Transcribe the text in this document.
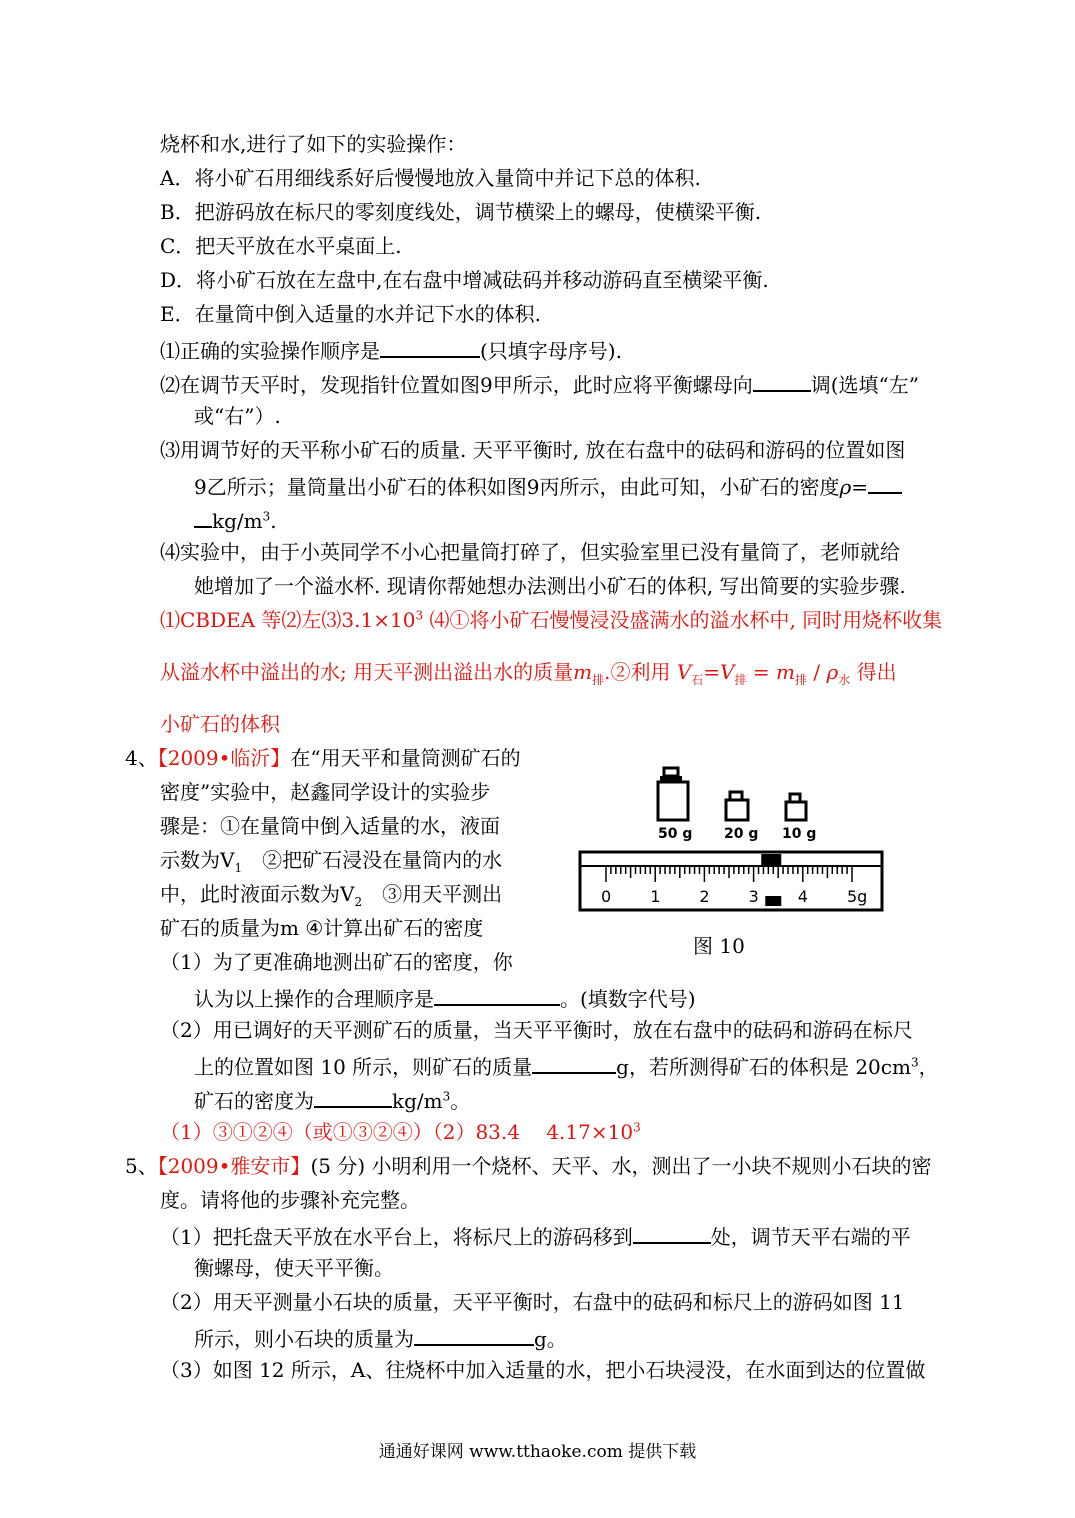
烧杯和水,进行了如下的实验操作：
A．将小矿石用细线系好后慢慢地放入量筒中并记下总的体积.
B．把游码放在标尺的零刻度线处，调节横梁上的螺母，使横梁平衡.
C．把天平放在水平桌面上.
D．将小矿石放在左盘中,在右盘中增减砝码并移动游码直至横梁平衡.
E．在量筒中倒入适量的水并记下水的体积.
⑴正确的实验操作顺序是	(只填字母序号).
⑵在调节天平时，发现指针位置如图9甲所示，此时应将平衡螺母向	调(选填“左”
或“右”）.
⑶用调节好的天平称小矿石的质量. 天平平衡时, 放在右盘中的砝码和游码的位置如图
9乙所示；量筒量出小矿石的体积如图9丙所示，由此可知，小矿石的密度ρ=
$kg/m^3$.
⑷实验中，由于小英同学不小心把量筒打碎了，但实验室里已没有量筒了，老师就给
她增加了一个溢水杯. 现请你帮她想办法测出小矿石的体积, 写出简要的实验步骤.
⑴CBDEA 等⑵左$⑶3.1\times 10^3$ ⑷①将小矿石慢慢浸没盛满水的溢水杯中, 同时用烧杯收集
从溢水杯中溢出的水; 用天平测出溢出水的质量$m_排.②$利用 $V_石=V_排 = m_排 / \rho_水$ 得出
小矿石的体积
4、【2009•临沂】在“用天平和量筒测矿石的
密度”实验中，赵鑫同学设计的实验步
骤是：①在量筒中倒入适量的水，液面
示数为$V_1$　 ②把矿石浸没在量筒内的水
中，此时液面示数为$V_2$　 ③用天平测出
矿石的质量为m ④计算出矿石的密度
（1）为了更准确地测出矿石的密度，你
认为以上操作的合理顺序是	。(填数字代号)
（2）用已调好的天平测矿石的质量，当天平平衡时，放在右盘中的砝码和游码在标尺
上的位置如图 10 所示，则矿石的质量	g，若所测得矿石的体积是 $20cm^3$，
矿石的密度为	$kg/m^3$。
（1）③①②④（或①③②④）（2）83.4　 $4.17\times 10^3$
5、【2009•雅安市】(5 分) 小明利用一个烧杯、天平、水，测出了一小块不规则小石块的密
度。请将他的步骤补充完整。
（1）把托盘天平放在水平台上，将标尺上的游码移到	处，调节天平右端的平
衡螺母，使天平平衡。
（2）用天平测量小石块的质量，天平平衡时，右盘中的砝码和标尺上的游码如图 11
所示，则小石块的质量为	g。
（3）如图 12 所示，A、往烧杯中加入适量的水，把小石块浸没，在水面到达的位置做
50 g 20 g 10 g
0 1 2 3 4 5g
图 10
通通好课网 www.tthaoke.com 提供下载
